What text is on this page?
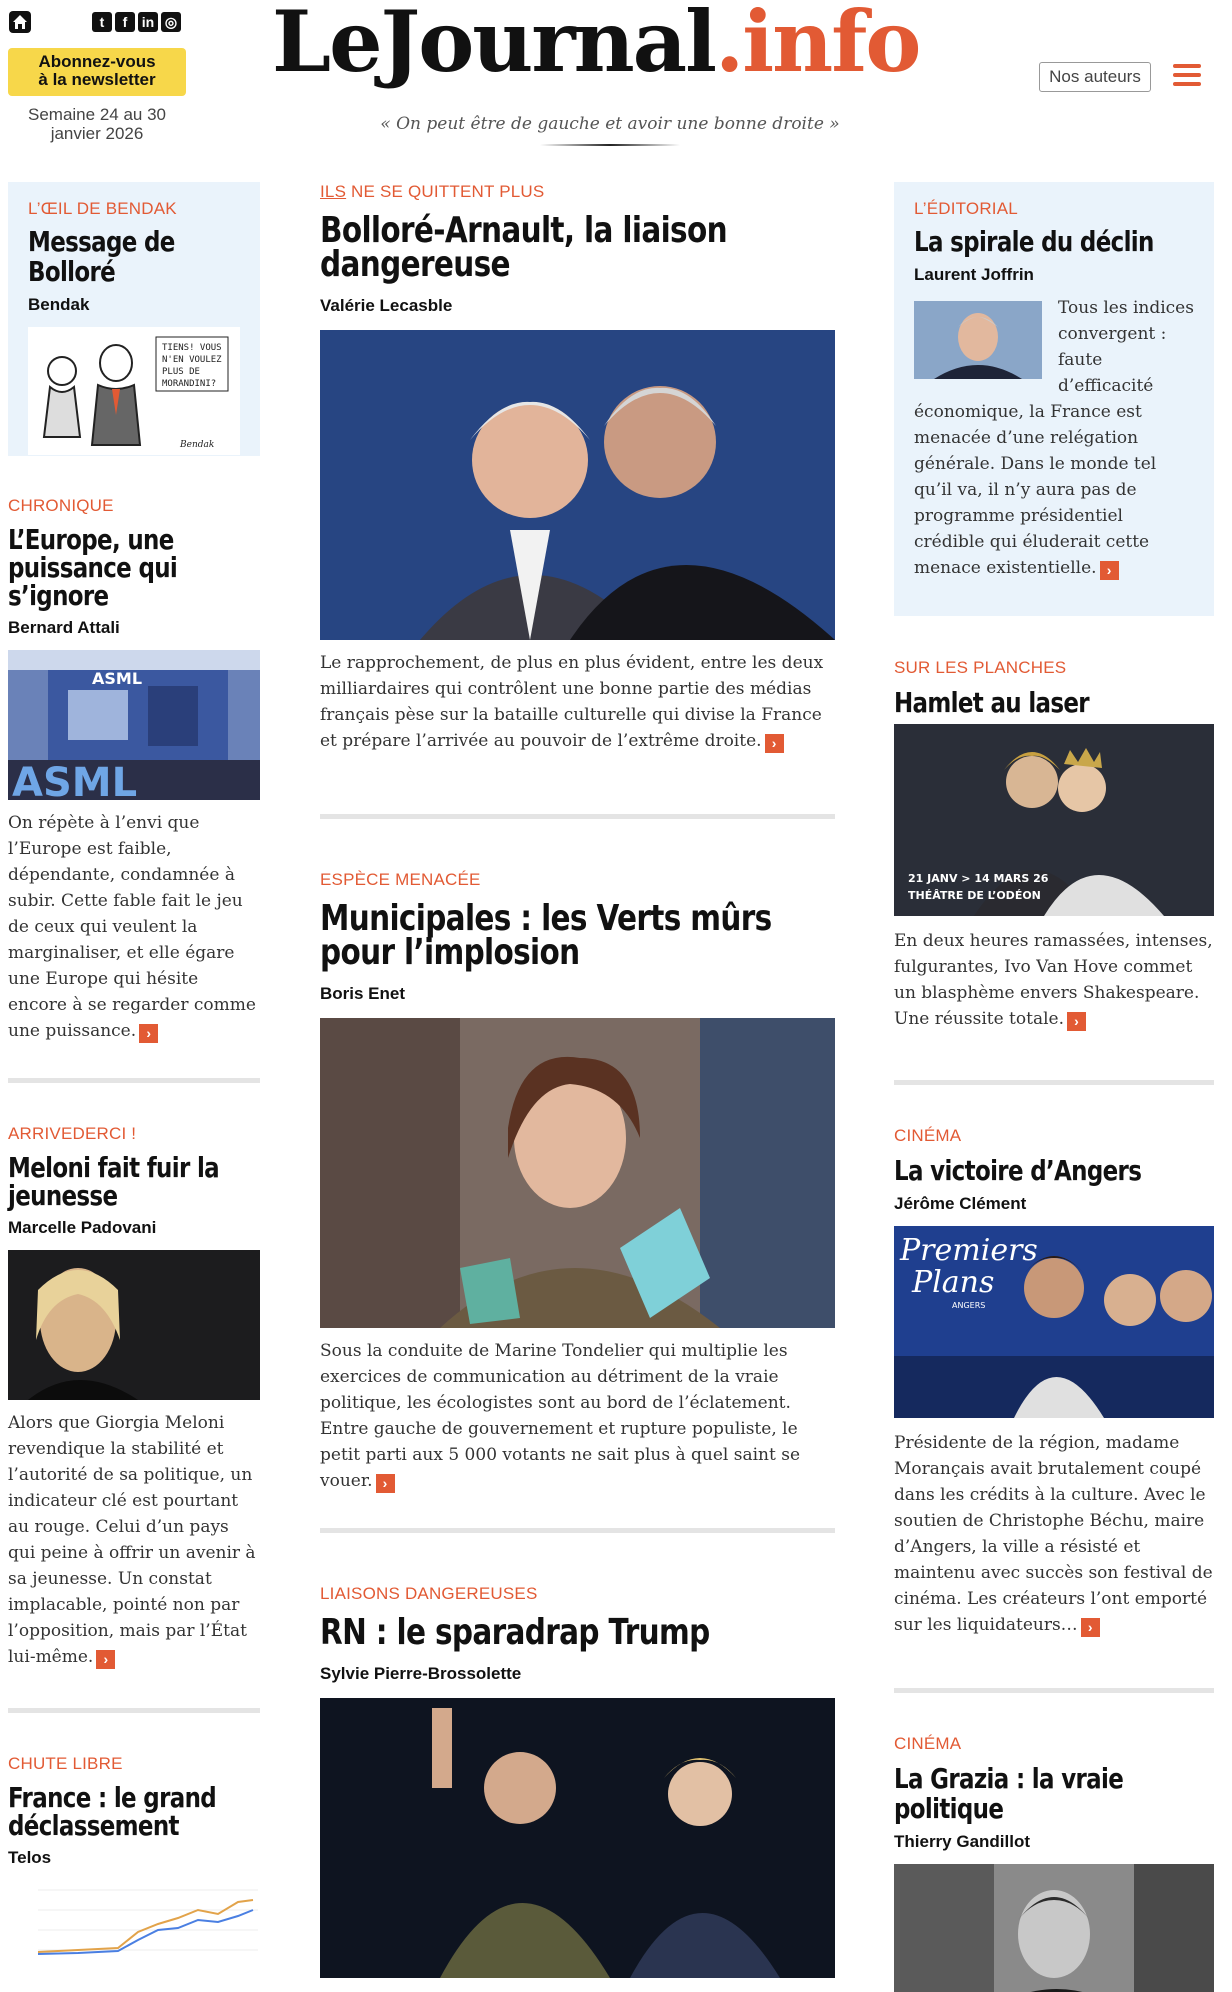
t	f	in ◎
Abonnez-vous
à la newsletter
Semaine 24 au 30
janvier 2026
LeJournal.info
« On peut être de gauche et avoir une bonne droite »
Nos auteurs
L’ŒIL DE BENDAK
Message de Bolloré
Bendak
TIENS! VOUS
N'EN VOULEZ
PLUS DE
MORANDINI?
Bendak
CHRONIQUE
L’Europe, une puissance qui s’ignore
Bernard Attali
ASML
ASML
On répète à l’envi que l’Europe est faible, dépendante, condamnée à subir. Cette fable fait le jeu de ceux qui veulent la marginaliser, et elle égare une Europe qui hésite encore à se regarder comme une puissance. ›
ARRIVEDERCI !
Meloni fait fuir la jeunesse
Marcelle Padovani
Alors que Giorgia Meloni revendique la stabilité et l’autorité de sa politique, un indicateur clé est pourtant au rouge. Celui d’un pays qui peine à offrir un avenir à sa jeunesse. Un constat implacable, pointé non par l’opposition, mais par l’État lui-même. ›
CHUTE LIBRE
France : le grand déclassement
Telos
ILS NE SE QUITTENT PLUS
Bolloré-Arnault, la liaison dangereuse
Valérie Lecasble
Le rapprochement, de plus en plus évident, entre les deux milliardaires qui contrôlent une bonne partie des médias français pèse sur la bataille culturelle qui divise la France et prépare l’arrivée au pouvoir de l’extrême droite. ›
ESPÈCE MENACÉE
Municipales : les Verts mûrs pour l’implosion
Boris Enet
Sous la conduite de Marine Tondelier qui multiplie les exercices de communication au détriment de la vraie politique, les écologistes sont au bord de l’éclatement. Entre gauche de gouvernement et rupture populiste, le petit parti aux 5 000 votants ne sait plus à quel saint se vouer. ›
LIAISONS DANGEREUSES
RN : le sparadrap Trump
Sylvie Pierre-Brossolette
L’ÉDITORIAL
La spirale du déclin
Laurent Joffrin
Tous les indices
convergent :
faute
d’efficacité
économique, la France est menacée d’une relégation générale. Dans le monde tel qu’il va, il n’y aura pas de programme présidentiel crédible qui éluderait cette menace existentielle. ›
SUR LES PLANCHES
Hamlet au laser
21 JANV > 14 MARS 26
THÉÂTRE DE L’ODÉON
En deux heures ramassées, intenses, fulgurantes, Ivo Van Hove commet un blasphème envers Shakespeare. Une réussite totale. ›
CINÉMA
La victoire d’Angers
Jérôme Clément
Premiers
Plans
ANGERS
Présidente de la région, madame Morançais avait brutalement coupé dans les crédits à la culture. Avec le soutien de Christophe Béchu, maire d’Angers, la ville a résisté et maintenu avec succès son festival de cinéma. Les créateurs l’ont emporté sur les liquidateurs… ›
CINÉMA
La Grazia : la vraie politique
Thierry Gandillot
